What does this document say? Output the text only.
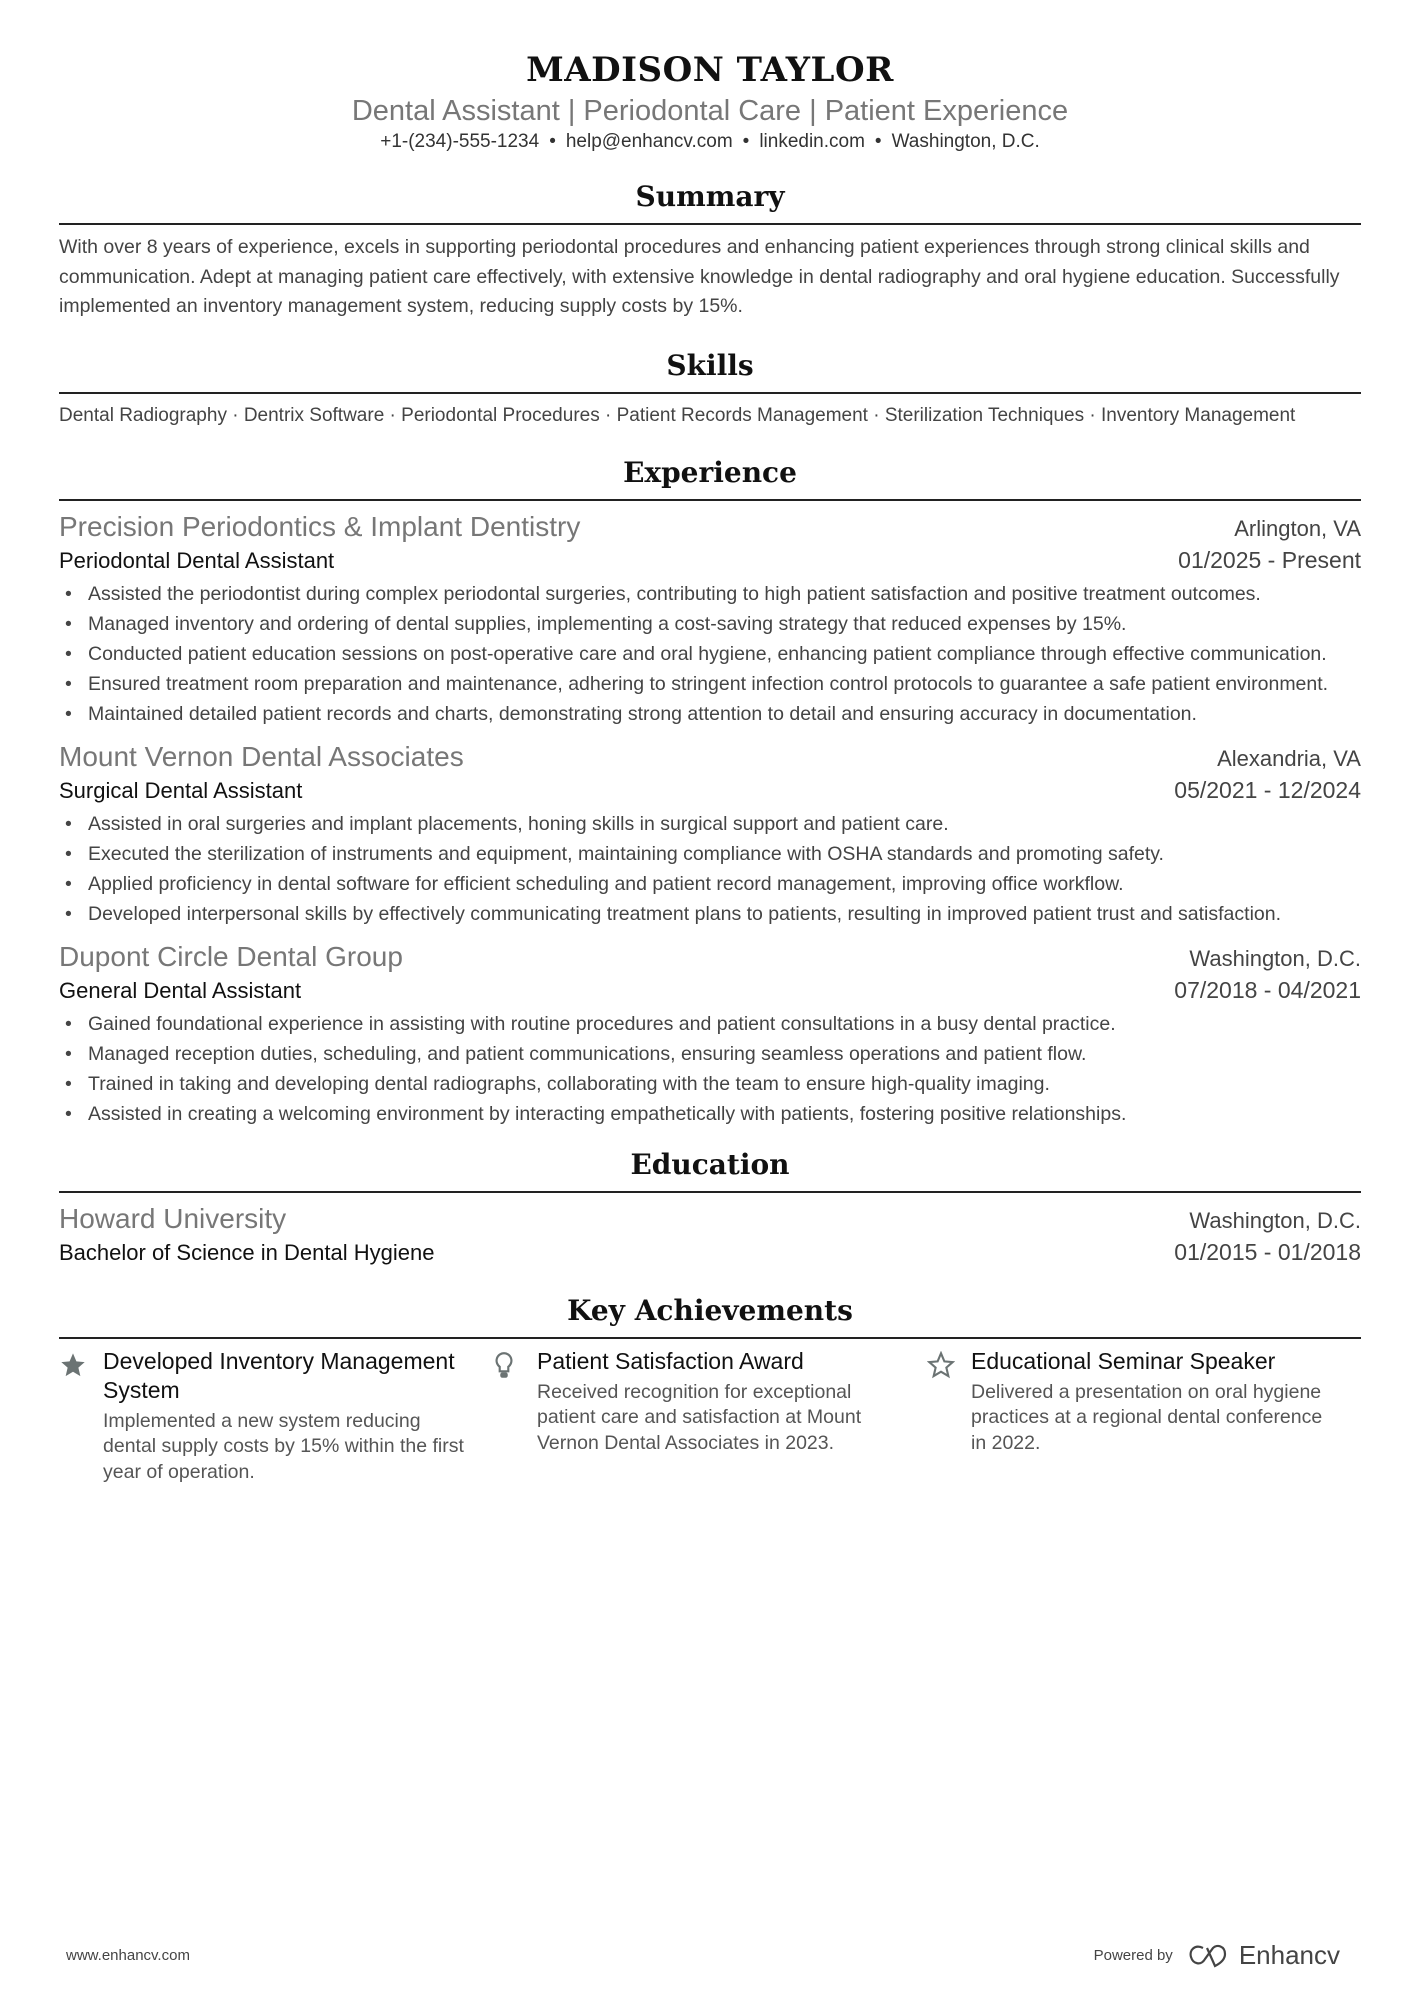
MADISON TAYLOR
Dental Assistant | Periodontal Care | Patient Experience
+1-(234)-555-1234 • help@enhancv.com • linkedin.com • Washington, D.C.
Summary
With over 8 years of experience, excels in supporting periodontal procedures and enhancing patient experiences through strong clinical skills and communication. Adept at managing patient care effectively, with extensive knowledge in dental radiography and oral hygiene education. Successfully implemented an inventory management system, reducing supply costs by 15%.
Skills
Dental Radiography · Dentrix Software · Periodontal Procedures · Patient Records Management · Sterilization Techniques · Inventory Management
Experience
Precision Periodontics & Implant Dentistry	Arlington, VA
Periodontal Dental Assistant	01/2025 - Present
• Assisted the periodontist during complex periodontal surgeries, contributing to high patient satisfaction and positive treatment outcomes.
• Managed inventory and ordering of dental supplies, implementing a cost-saving strategy that reduced expenses by 15%.
• Conducted patient education sessions on post-operative care and oral hygiene, enhancing patient compliance through effective communication.
• Ensured treatment room preparation and maintenance, adhering to stringent infection control protocols to guarantee a safe patient environment.
• Maintained detailed patient records and charts, demonstrating strong attention to detail and ensuring accuracy in documentation.
Mount Vernon Dental Associates	Alexandria, VA
Surgical Dental Assistant	05/2021 - 12/2024
• Assisted in oral surgeries and implant placements, honing skills in surgical support and patient care.
• Executed the sterilization of instruments and equipment, maintaining compliance with OSHA standards and promoting safety.
• Applied proficiency in dental software for efficient scheduling and patient record management, improving office workflow.
• Developed interpersonal skills by effectively communicating treatment plans to patients, resulting in improved patient trust and satisfaction.
Dupont Circle Dental Group	Washington, D.C.
General Dental Assistant	07/2018 - 04/2021
• Gained foundational experience in assisting with routine procedures and patient consultations in a busy dental practice.
• Managed reception duties, scheduling, and patient communications, ensuring seamless operations and patient flow.
• Trained in taking and developing dental radiographs, collaborating with the team to ensure high-quality imaging.
• Assisted in creating a welcoming environment by interacting empathetically with patients, fostering positive relationships.
Education
Howard University	Washington, D.C.
Bachelor of Science in Dental Hygiene	01/2015 - 01/2018
Key Achievements
Developed Inventory Management System
Implemented a new system reducing dental supply costs by 15% within the first year of operation.
Patient Satisfaction Award
Received recognition for exceptional patient care and satisfaction at Mount Vernon Dental Associates in 2023.
Educational Seminar Speaker
Delivered a presentation on oral hygiene practices at a regional dental conference in 2022.
www.enhancv.com	Powered by	Enhancv
